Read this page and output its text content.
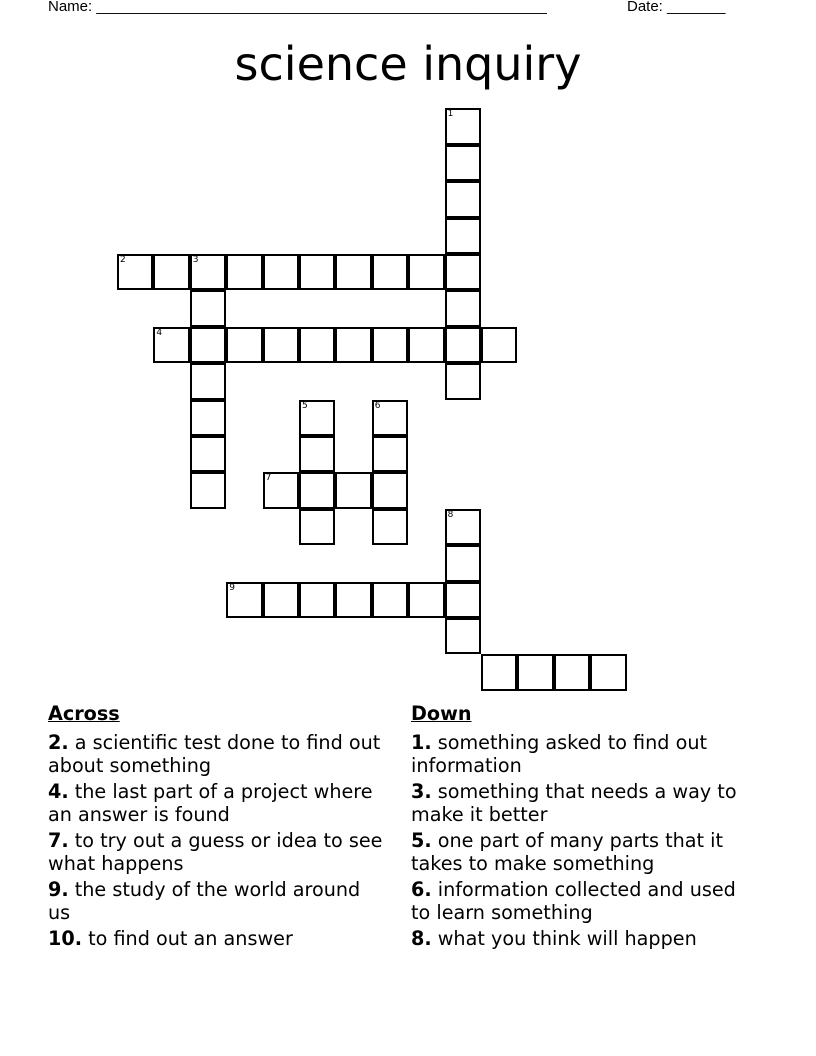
Name: ______________________________________________________	Date: _______
science inquiry
1
2	3
4
5	6
7
8
9
Across
2. a scientific test done to find out about something
4. the last part of a project where an answer is found
7. to try out a guess or idea to see what happens
9. the study of the world around us
10. to find out an answer
Down
1. something asked to find out information
3. something that needs a way to make it better
5. one part of many parts that it takes to make something
6. information collected and used to learn something
8. what you think will happen
